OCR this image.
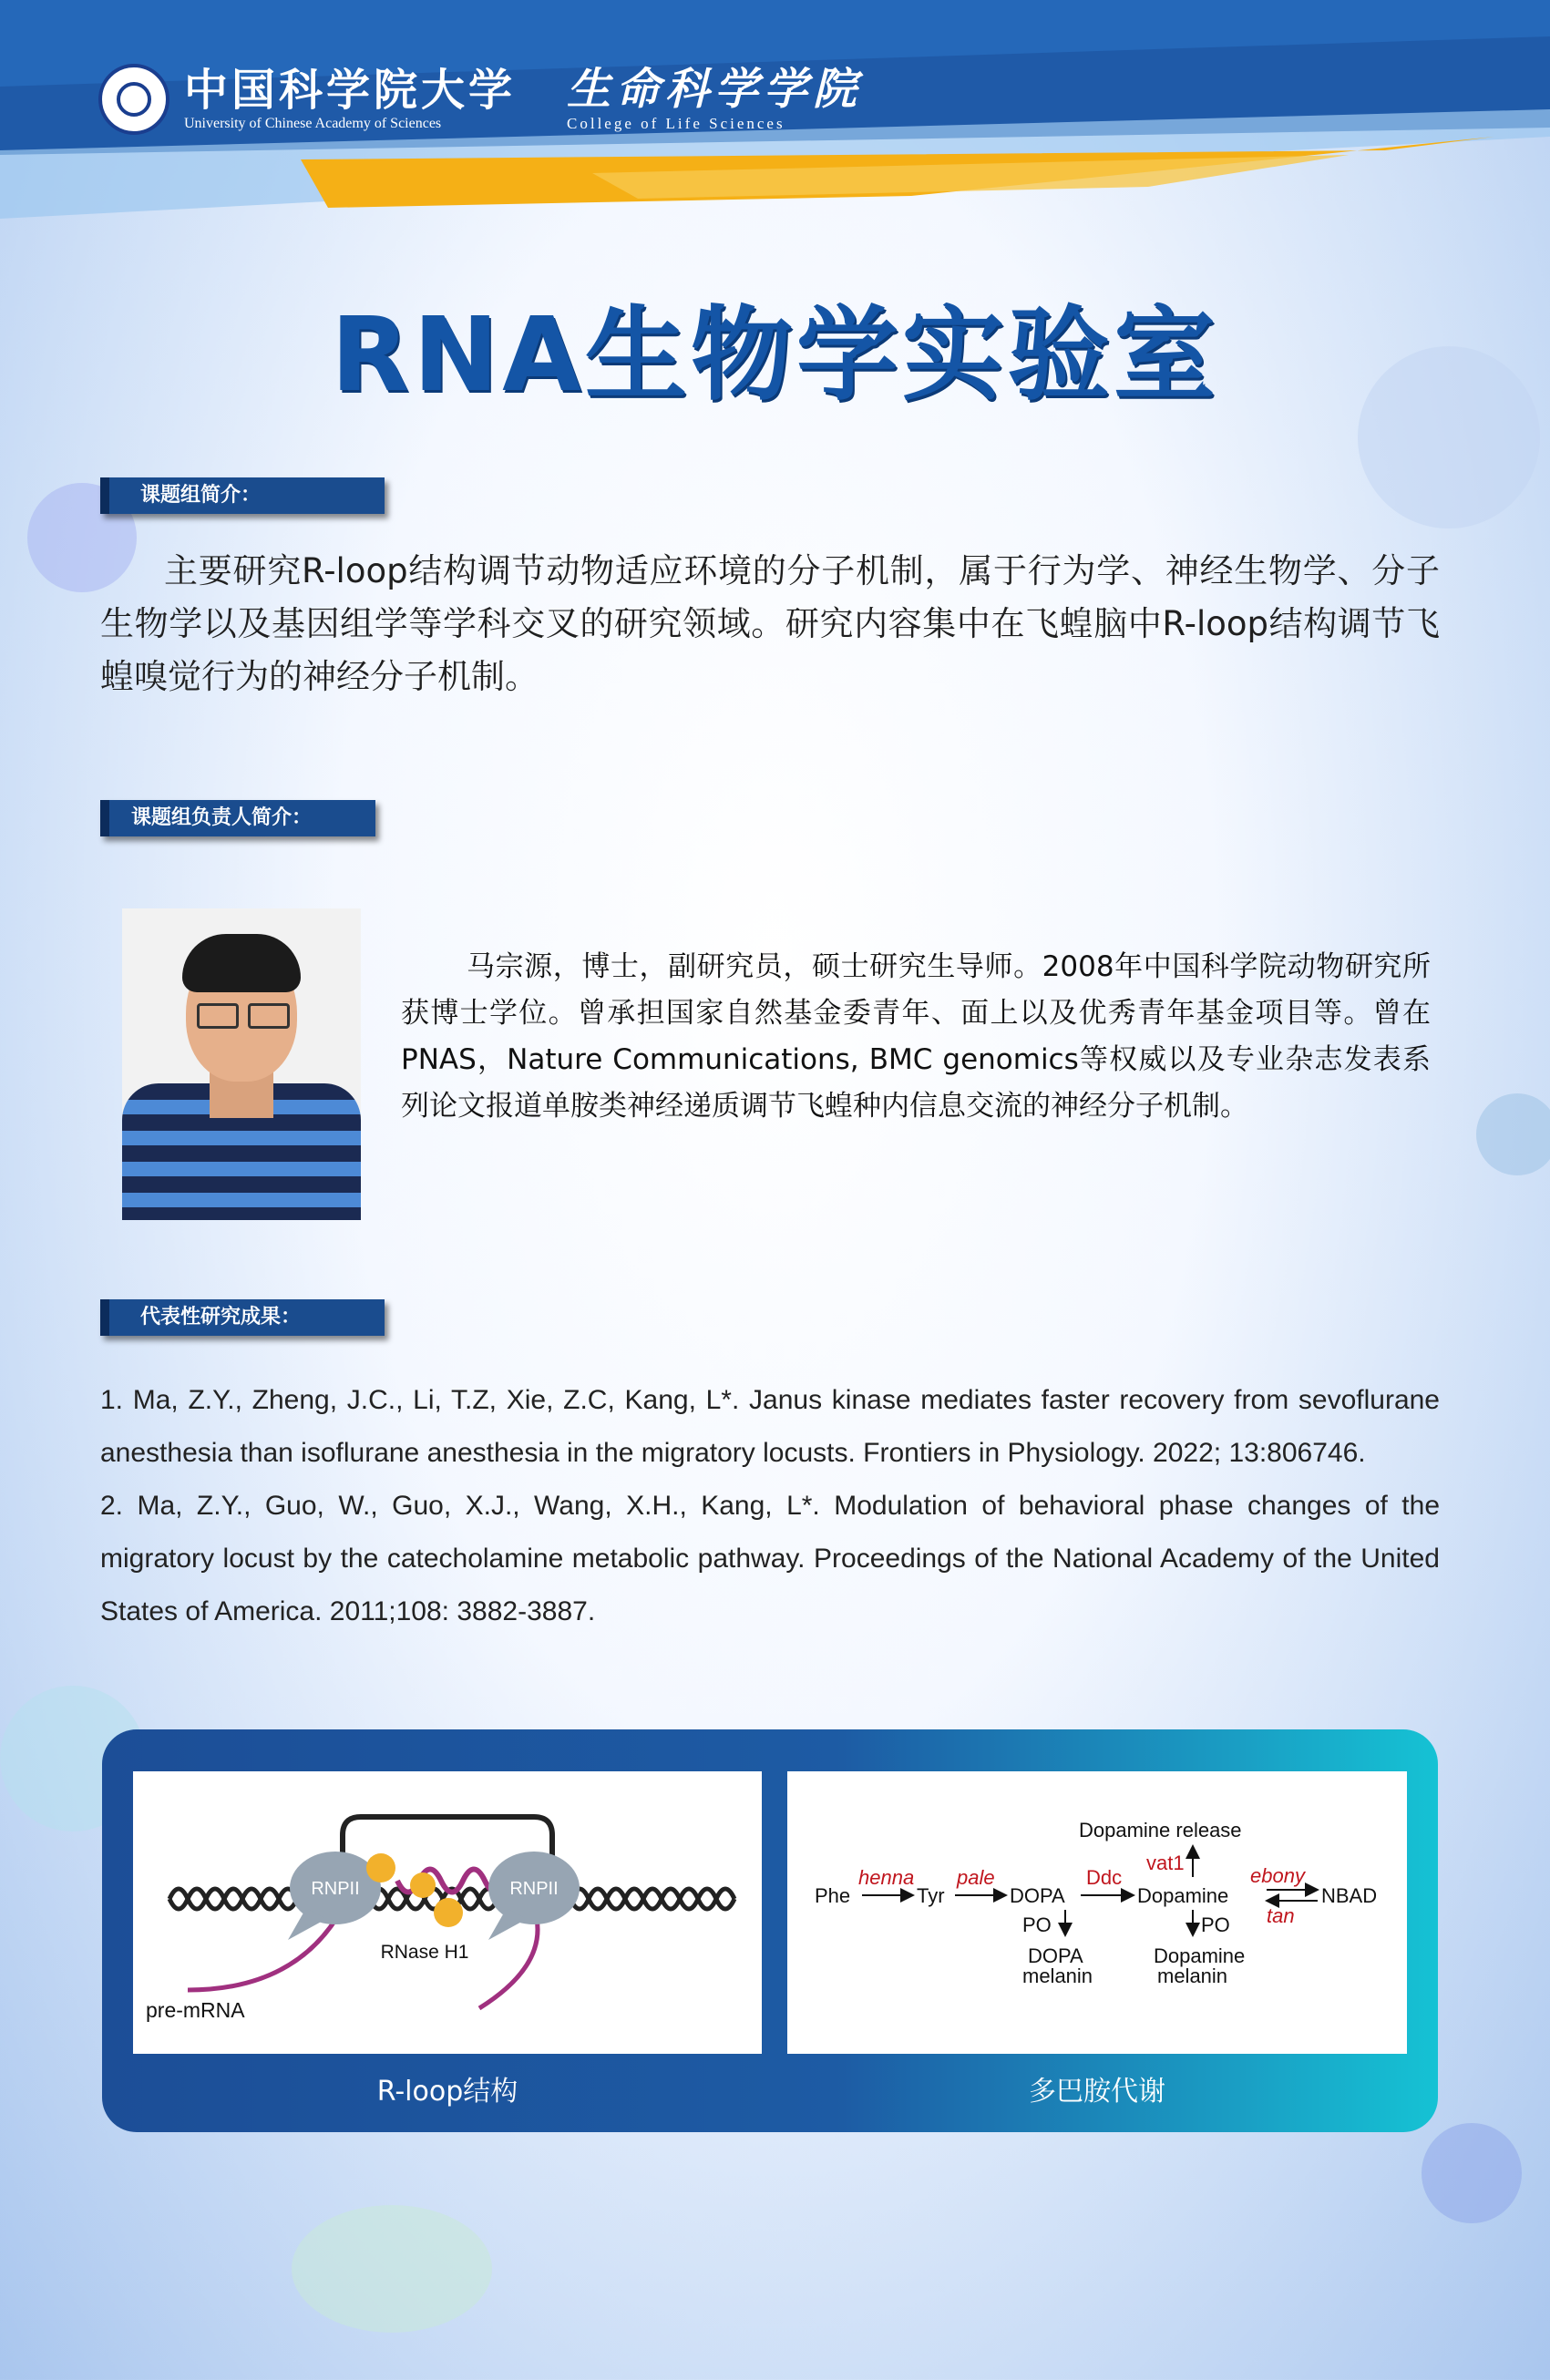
中国科学院大学
University of Chinese Academy of Sciences
生命科学学院
College of Life Sciences
RNA生物学实验室
课题组简介：
主要研究R-loop结构调节动物适应环境的分子机制，属于行为学、神经生物学、分子生物学以及基因组学等学科交叉的研究领域。研究内容集中在飞蝗脑中R-loop结构调节飞蝗嗅觉行为的神经分子机制。
课题组负责人简介：
马宗源，博士，副研究员，硕士研究生导师。2008年中国科学院动物研究所获博士学位。曾承担国家自然基金委青年、面上以及优秀青年基金项目等。曾在PNAS，Nature Communications, BMC genomics等权威以及专业杂志发表系列论文报道单胺类神经递质调节飞蝗种内信息交流的神经分子机制。
代表性研究成果：
1. Ma, Z.Y., Zheng, J.C., Li, T.Z, Xie, Z.C, Kang, L*. Janus kinase mediates faster recovery from sevoflurane anesthesia than isoflurane anesthesia in the migratory locusts. Frontiers in Physiology. 2022; 13:806746.
2. Ma, Z.Y., Guo, W., Guo, X.J., Wang, X.H., Kang, L*. Modulation of behavioral phase changes of the migratory locust by the catecholamine metabolic pathway. Proceedings of the National Academy of the United States of America. 2011;108: 3882-3887.
RNPII	RNPII
RNase H1
pre-mRNA
R-loop结构
Phe	Tyr	DOPA	Dopamine	NBAD
Dopamine release
PO	PO
DOPA
melanin
Dopamine
melanin
henna pale	Ddc
vat1
ebony
tan
多巴胺代谢
